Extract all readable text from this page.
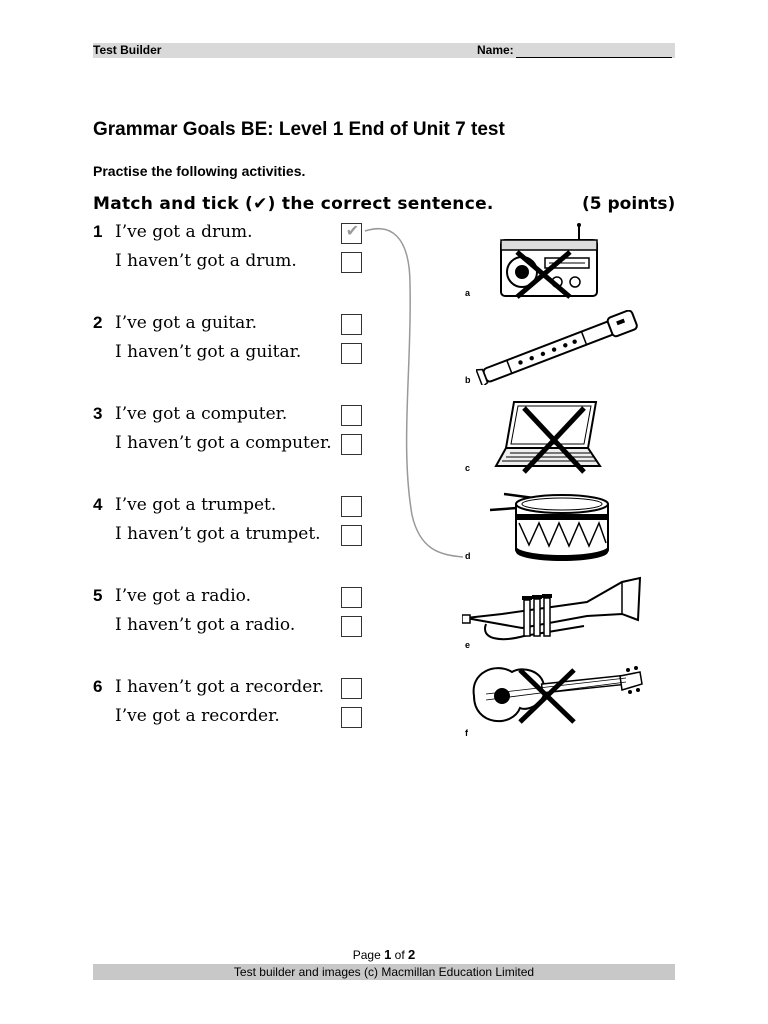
Test Builder	Name:
Grammar Goals BE: Level 1 End of Unit 7 test
Practise the following activities.
Match and tick (✔) the correct sentence.	(5 points)
1 I’ve got a drum.	✔
I haven’t got a drum.
2 I’ve got a guitar.
I haven’t got a guitar.
3 I’ve got a computer.
I haven’t got a computer.
4 I’ve got a trumpet.
I haven’t got a trumpet.
5 I’ve got a radio.
I haven’t got a radio.
6 I haven’t got a recorder.
I’ve got a recorder.
a
b
c
d
e
f
Page 1 of 2
Test builder and images (c) Macmillan Education Limited
